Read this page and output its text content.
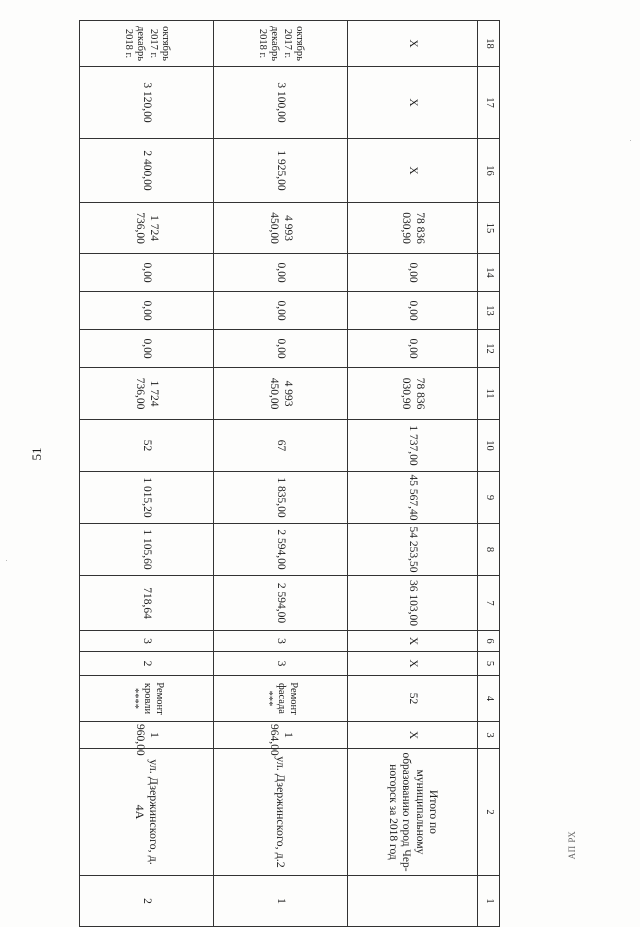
51
18	17	16	15	14	13	12	11	10	9	8	7	6	5	4	3	2	1
X	X	X	78 836 030,90	0,00	0,00	0,00	78 836 030,90	1 737,00	45 567,40	54 253,50	36 103,00	X	X	52	X	Итого по муниципальному образованию город Чер-ногорск за 2018 год	
октябрь 2017 г. декабрь 2018 г.	3 100,00	1 925,00	4 993 450,00	0,00	0,00	0,00	4 993 450,00	67	1 835,00	2 594,00	2 594,00	3	3	Ремонт фасада ***	1 964,00	ул. Дзержинского, д.2	1
октябрь 2017 г. декабрь 2018 г.	3 120,00	2 400,00	1 724 736,00	0,00	0,00	0,00	1 724 736,00	52	1 015,20	1 105,60	718,64	3	2	Ремонт кровли ****	1 960,00	ул. Дзержинского, д. 4А	2
АП РХ
